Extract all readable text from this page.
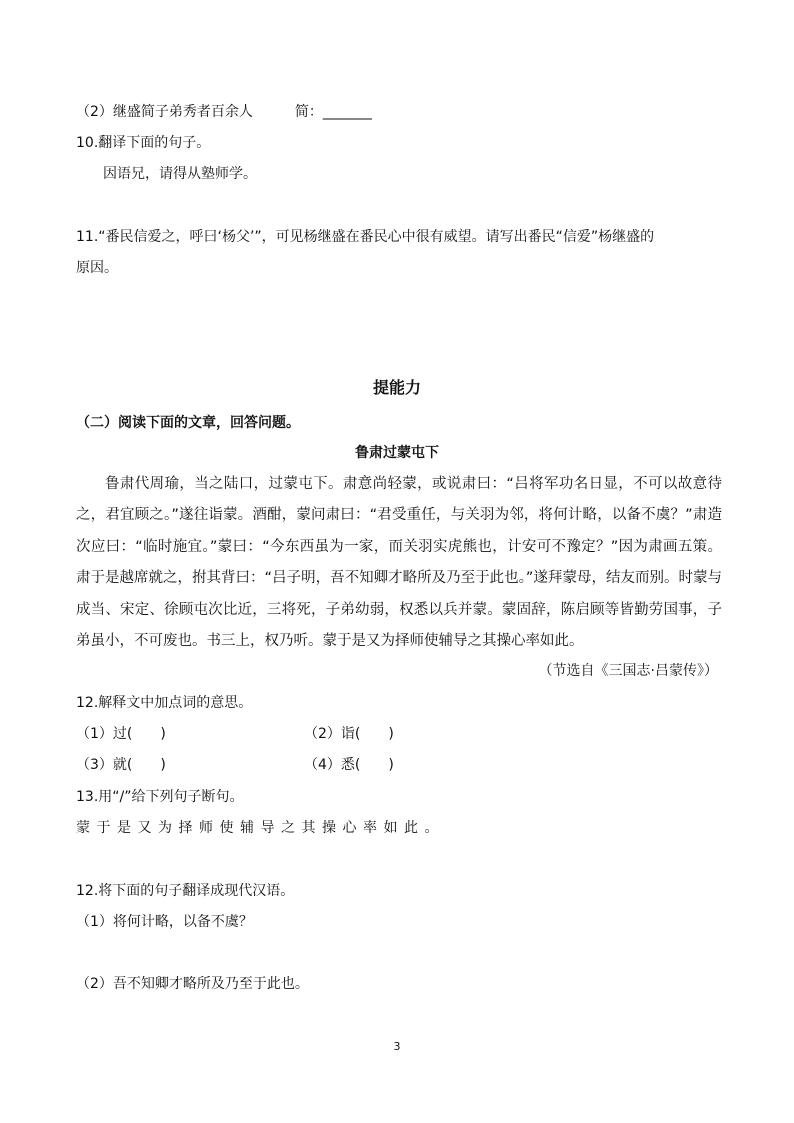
（2）继盛简子弟秀者百余人　　　简：_______
10.翻译下面的句子。
因语兄，请得从塾师学。
11.“番民信爱之，呼曰‘杨父’”，可见杨继盛在番民心中很有威望。请写出番民“信爱”杨继盛的
原因。
提能力
（二）阅读下面的文章，回答问题。
鲁肃过蒙屯下

鲁肃代周瑜，当之陆口，过蒙屯下。肃意尚轻蒙，或说肃曰：“吕将军功名日显，不可以故意待之，君宜顾之。”遂往诣蒙。酒酣，蒙问肃曰：“君受重任，与关羽为邻，将何计略，以备不虞？”肃造次应曰：“临时施宜。”蒙曰：“今东西虽为一家，而关羽实虎熊也，计安可不豫定？”因为肃画五策。肃于是越席就之，拊其背曰：“吕子明，吾不知卿才略所及乃至于此也。”遂拜蒙母，结友而别。时蒙与成当、宋定、徐顾屯次比近，三将死，子弟幼弱，权悉以兵并蒙。蒙固辞，陈启顾等皆勤劳国事，子弟虽小，不可废也。书三上，权乃听。蒙于是又为择师使辅导之其操心率如此。

（节选自《三国志·吕蒙传》）
12.解释文中加点词的意思。
（1）过(　　)	（2）诣(　　)
（3）就(　　)	（4）悉(　　)
13.用“/”给下列句子断句。
蒙于是又为择师使辅导之其操心率如此。
12.将下面的句子翻译成现代汉语。
（1）将何计略，以备不虞？
（2）吾不知卿才略所及乃至于此也。
3
